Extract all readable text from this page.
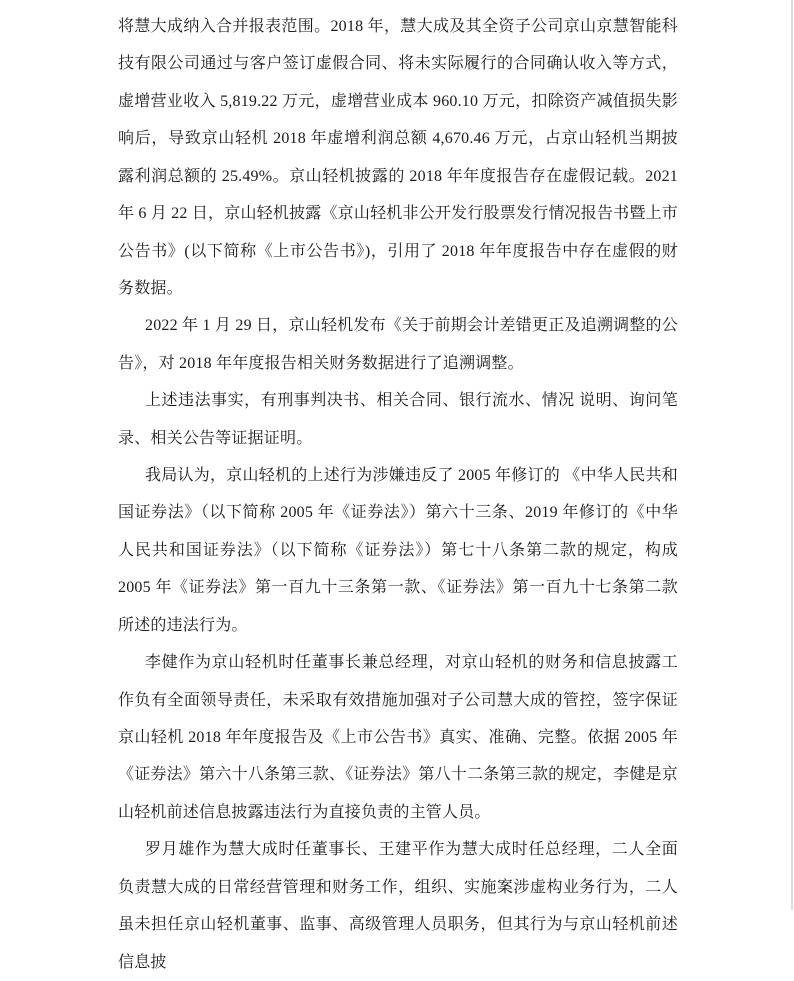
将慧大成纳入合并报表范围。2018 年，慧大成及其全资子公司京山京慧智能科技有限公司通过与客户签订虚假合同、将未实际履行的合同确认收入等方式，虚增营业收入 5,819.22 万元，虚增营业成本 960.10 万元，扣除资产减值损失影响后，导致京山轻机 2018 年虚增利润总额 4,670.46 万元，占京山轻机当期披露利润总额的 25.49%。京山轻机披露的 2018 年年度报告存在虚假记载。2021 年 6 月 22 日，京山轻机披露《京山轻机非公开发行股票发行情况报告书暨上市公告书》(以下简称《上市公告书》)，引用了 2018 年年度报告中存在虚假的财务数据。

2022 年 1 月 29 日，京山轻机发布《关于前期会计差错更正及追溯调整的公告》，对 2018 年年度报告相关财务数据进行了追溯调整。

上述违法事实，有刑事判决书、相关合同、银行流水、情况 说明、询问笔录、相关公告等证据证明。

我局认为，京山轻机的上述行为涉嫌违反了 2005 年修订的 《中华人民共和国证券法》（以下简称 2005 年《证券法》）第六十三条、2019 年修订的《中华人民共和国证券法》（以下简称《证券法》）第七十八条第二款的规定，构成 2005 年《证券法》第一百九十三条第一款、《证券法》第一百九十七条第二款所述的违法行为。

李健作为京山轻机时任董事长兼总经理，对京山轻机的财务和信息披露工作负有全面领导责任，未采取有效措施加强对子公司慧大成的管控，签字保证京山轻机 2018 年年度报告及《上市公告书》真实、准确、完整。依据 2005 年《证券法》第六十八条第三款、《证券法》第八十二条第三款的规定，李健是京山轻机前述信息披露违法行为直接负责的主管人员。

罗月雄作为慧大成时任董事长、王建平作为慧大成时任总经理，二人全面负责慧大成的日常经营管理和财务工作，组织、实施案涉虚构业务行为，二人虽未担任京山轻机董事、监事、高级管理人员职务，但其行为与京山轻机前述信息披
